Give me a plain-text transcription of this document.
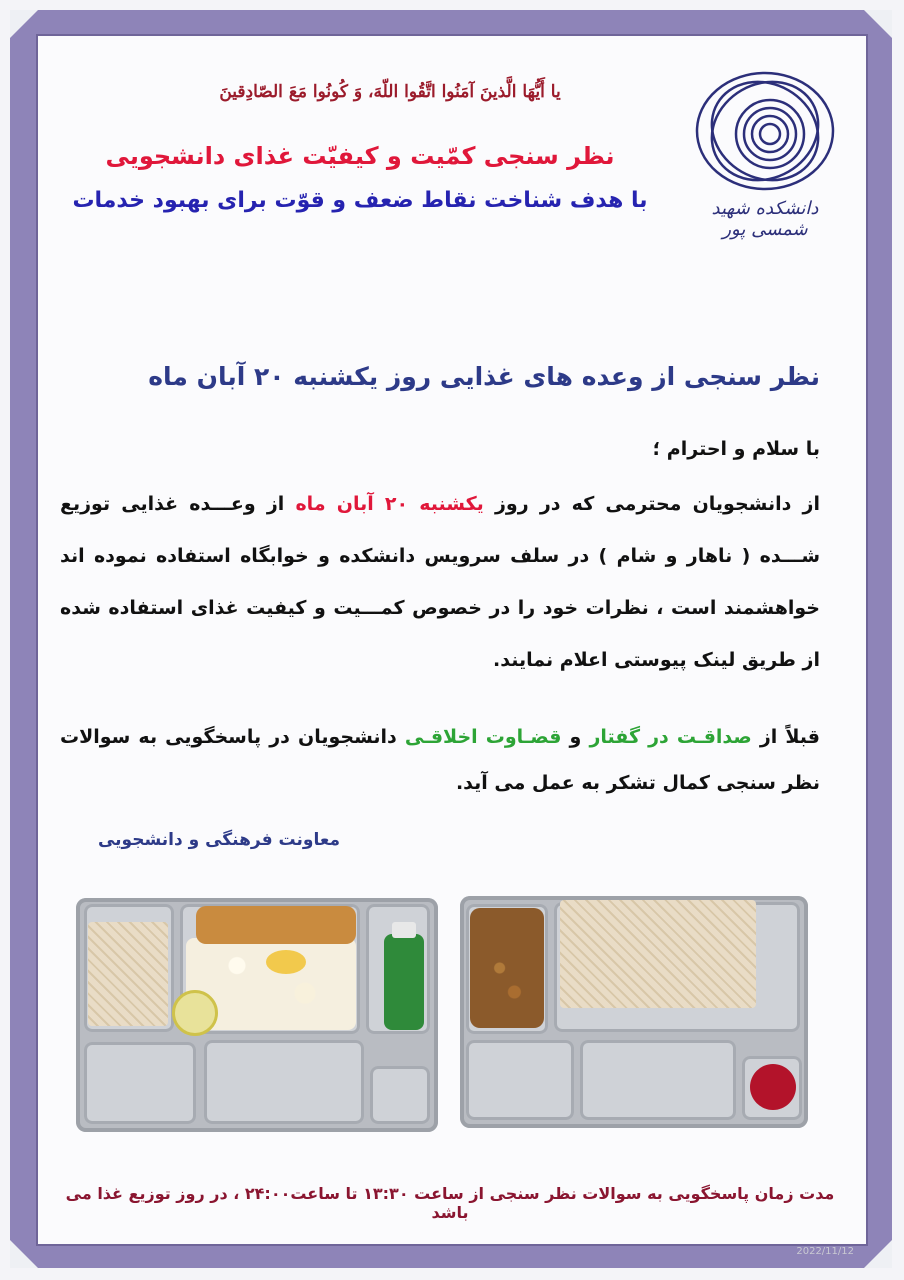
دانشکده شهید شمسی پور
يا أَيُّهَا الَّذينَ آمَنُوا اتَّقُوا اللّهَ، وَ كُونُوا مَعَ الصّادِقينَ
نظر سنجی کمّیت و کیفیّت غذای دانشجویی
با هدف شناخت نقاط ضعف و قوّت برای بهبود خدمات
نظر سنجی از وعده های غذایی روز یکشنبه ۲۰ آبان ماه
با سلام و احترام ؛
از دانشجویان محترمی که در روز یکشنبه ۲۰ آبان ماه از وعـــده غذایی توزیع شـــده ( ناهار و شام ) در سلف سرویس دانشکده و خوابگاه استفاده نموده اند خواهشمند است ، نظرات خود را در خصوص کمـــیت و کیفیت غذای استفاده شده از طریق لینک پیوستی اعلام نمایند.
قبلاً از صداقـت در گفتار و قضـاوت اخلاقـی دانشجویان در پاسخگویی به سوالات نظر سنجی کمال تشکر به عمل می آید.
معاونت فرهنگی و دانشجویی
مدت زمان پاسخگویی به سوالات نظر سنجی از ساعت ۱۳:۳۰ تا ساعت۲۴:۰۰ ، در روز توزیع غذا می باشد
2022/11/12
